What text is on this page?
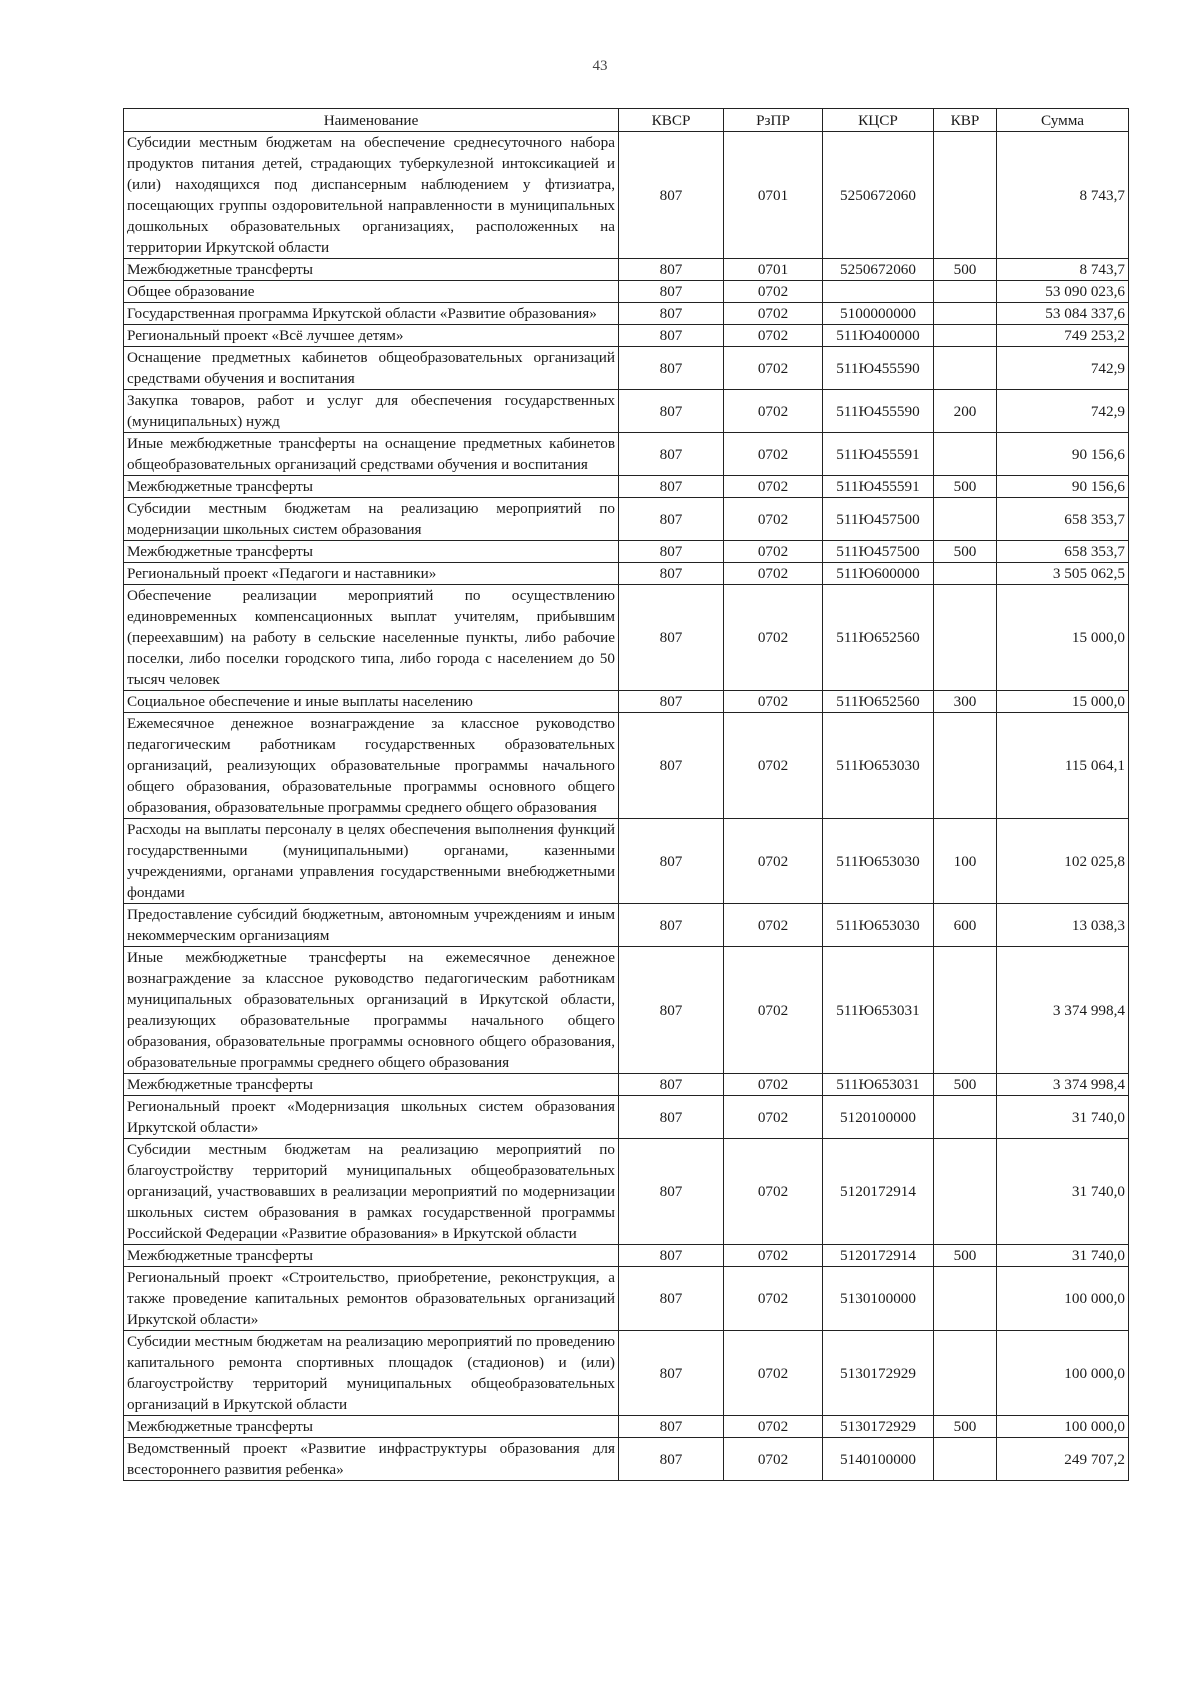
43
Наименование	КВСР	РзПР	КЦСР	КВР	Сумма
Субсидии местным бюджетам на обеспечение среднесуточного набора продуктов питания детей, страдающих туберкулезной интоксикацией и (или) находящихся под диспансерным наблюдением у фтизиатра, посещающих группы оздоровительной направленности в муниципальных дошкольных образовательных организациях, расположенных на территории Иркутской области	807	0701	5250672060		8 743,7
Межбюджетные трансферты	807	0701	5250672060	500	8 743,7
Общее образование	807	0702			53 090 023,6
Государственная программа Иркутской области «Развитие образования»	807	0702	5100000000		53 084 337,6
Региональный проект «Всё лучшее детям»	807	0702	511Ю400000		749 253,2
Оснащение предметных кабинетов общеобразовательных организаций средствами обучения и воспитания	807	0702	511Ю455590		742,9
Закупка товаров, работ и услуг для обеспечения государственных (муниципальных) нужд	807	0702	511Ю455590	200	742,9
Иные межбюджетные трансферты на оснащение предметных кабинетов общеобразовательных организаций средствами обучения и воспитания	807	0702	511Ю455591		90 156,6
Межбюджетные трансферты	807	0702	511Ю455591	500	90 156,6
Субсидии местным бюджетам на реализацию мероприятий по модернизации школьных систем образования	807	0702	511Ю457500		658 353,7
Межбюджетные трансферты	807	0702	511Ю457500	500	658 353,7
Региональный проект «Педагоги и наставники»	807	0702	511Ю600000		3 505 062,5
Обеспечение реализации мероприятий по осуществлению единовременных компенсационных выплат учителям, прибывшим (переехавшим) на работу в сельские населенные пункты, либо рабочие поселки, либо поселки городского типа, либо города с населением до 50 тысяч человек	807	0702	511Ю652560		15 000,0
Социальное обеспечение и иные выплаты населению	807	0702	511Ю652560	300	15 000,0
Ежемесячное денежное вознаграждение за классное руководство педагогическим работникам государственных образовательных организаций, реализующих образовательные программы начального общего образования, образовательные программы основного общего образования, образовательные программы среднего общего образования	807	0702	511Ю653030		115 064,1
Расходы на выплаты персоналу в целях обеспечения выполнения функций государственными (муниципальными) органами, казенными учреждениями, органами управления государственными внебюджетными фондами	807	0702	511Ю653030	100	102 025,8
Предоставление субсидий бюджетным, автономным учреждениям и иным некоммерческим организациям	807	0702	511Ю653030	600	13 038,3
Иные межбюджетные трансферты на ежемесячное денежное вознаграждение за классное руководство педагогическим работникам муниципальных образовательных организаций в Иркутской области, реализующих образовательные программы начального общего образования, образовательные программы основного общего образования, образовательные программы среднего общего образования	807	0702	511Ю653031		3 374 998,4
Межбюджетные трансферты	807	0702	511Ю653031	500	3 374 998,4
Региональный проект «Модернизация школьных систем образования Иркутской области»	807	0702	5120100000		31 740,0
Субсидии местным бюджетам на реализацию мероприятий по благоустройству территорий муниципальных общеобразовательных организаций, участвовавших в реализации мероприятий по модернизации школьных систем образования в рамках государственной программы Российской Федерации «Развитие образования» в Иркутской области	807	0702	5120172914		31 740,0
Межбюджетные трансферты	807	0702	5120172914	500	31 740,0
Региональный проект «Строительство, приобретение, реконструкция, а также проведение капитальных ремонтов образовательных организаций Иркутской области»	807	0702	5130100000		100 000,0
Субсидии местным бюджетам на реализацию мероприятий по проведению капитального ремонта спортивных площадок (стадионов) и (или) благоустройству территорий муниципальных общеобразовательных организаций в Иркутской области	807	0702	5130172929		100 000,0
Межбюджетные трансферты	807	0702	5130172929	500	100 000,0
Ведомственный проект «Развитие инфраструктуры образования для всестороннего развития ребенка»	807	0702	5140100000		249 707,2
